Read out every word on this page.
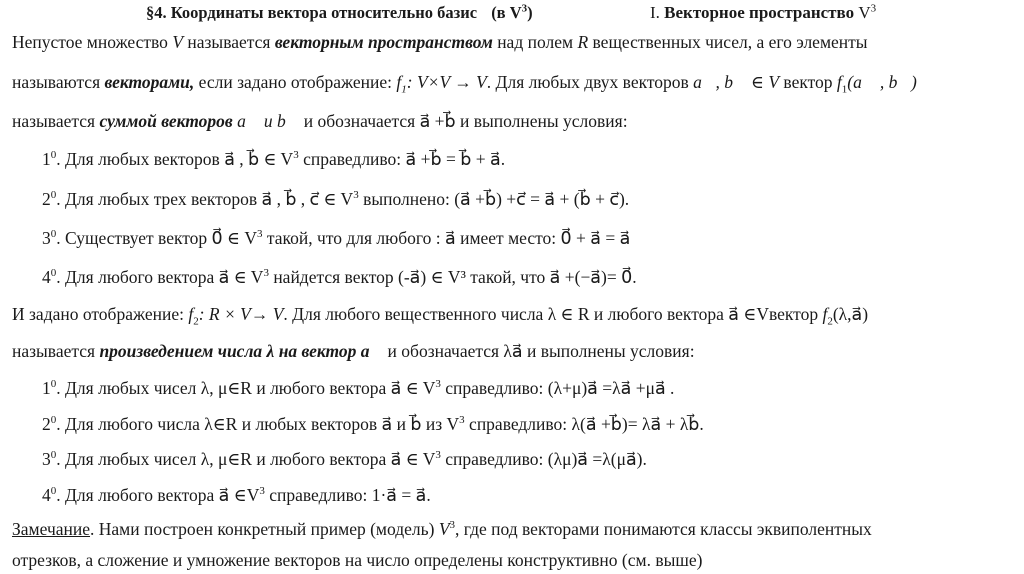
§4. Координаты вектора относительно базис (в $V^3$)	I. Векторное пространство $V^3$
Непустое множество V называется векторным пространством над полем R вещественных чисел, а его элементы
называются векторами, если задано отображение: $f_1$: V×V → V. Для любых двух векторов a⃗, b⃗ ∈ V вектор $f_1(a⃗$ , b⃗)
называется суммой векторов a⃗ и b⃗ и обозначается a⃗ +b⃗ и выполнены условия:
$1^0$. Для любых векторов a⃗ , b⃗ ∈ $V^3$ справедливо: a⃗ +b⃗ = b⃗ + a⃗.
$2^0$. Для любых трех векторов a⃗ , b⃗ , c⃗ ∈ $V^3$ выполнено: (a⃗ +b⃗) +c⃗ = a⃗ + (b⃗ + c⃗).
$3^0$. Существует вектор 0⃗ ∈ $V^3$ такой, что для любого : a⃗ имеет место: 0⃗ + a⃗ = a⃗
$4^0$. Для любого вектора a⃗ ∈ $V^3$ найдется вектор (-a⃗) ∈ V³ такой, что a⃗ +(−a⃗)= 0⃗.
И задано отображение: $f_2$: R × V→ V. Для любого вещественного числа λ ∈ R и любого вектора a⃗ ∈Vвектор $f_2(\lambda,a⃗)$
называется произведением числа λ на вектор a⃗ и обозначается λa⃗ и выполнены условия:
$1^0$. Для любых чисел λ, μ∈R и любого вектора a⃗ ∈ $V^3$ справедливо: (λ+μ)a⃗ =λa⃗ +μa⃗ .
$2^0$. Для любого числа λ∈R и любых векторов a⃗ и b⃗ из $V^3$ справедливо: λ(a⃗ +b⃗)= λa⃗ + λb⃗.
$3^0$. Для любых чисел λ, μ∈R и любого вектора a⃗ ∈ $V^3$ справедливо: (λμ)a⃗ =λ(μa⃗).
$4^0$. Для любого вектора a⃗ $\in V^3$ справедливо: 1·a⃗ = a⃗.
Замечание. Нами построен конкретный пример (модель) $V^3$, где под векторами понимаются классы эквиполентных
отрезков, а сложение и умножение векторов на число определены конструктивно (см. выше)
